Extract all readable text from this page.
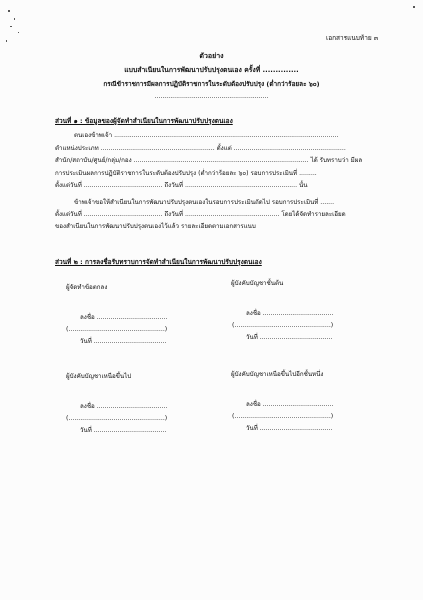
เอกสารแนบท้าย ๓
ตัวอย่าง
แบบสำเนียนในการพัฒนาปรับปรุงตนเอง ครั้งที่ ..............
กรณีข้าราชการมีผลการปฏิบัติราชการในระดับต้องปรับปรุง (ต่ำกว่าร้อยละ ๖๐)
..........................................................
ส่วนที่ ๑ : ข้อมูลของผู้จัดทำสำเนียนในการพัฒนาปรับปรุงตนเอง
ตนเองข้าพเจ้า ..................................................................................................................
ตำแหน่งประเภท .......................................................... ตั้งแต่ .........................................................
สำนัก/สถาบัน/ศูนย์/กลุ่ม/กอง ......................................................................................... ได้ รับทราบว่า มีผล
การประเมินผลการปฏิบัติราชการในระดับต้องปรับปรุง (ต่ำกว่าร้อยละ ๖๐) รอบการประเมินที่ .........
ตั้งแต่วันที่ ........................................ ถึงวันที่ ......................................................... นั้น
ข้าพเจ้าขอให้สำเนียนในการพัฒนาปรับปรุงตนเองในรอบการประเมินถัดไป รอบการประเมินที่ .......
ตั้งแต่วันที่ ........................................ ถึงวันที่ ................................................ โดยได้จัดทำรายละเอียด
ของสำเนียนในการพัฒนาปรับปรุงตนเองไว้แล้ว รายละเอียดตามเอกสารแนบ
ส่วนที่ ๒ : การลงชื่อรับทราบการจัดทำสำเนียนในการพัฒนาปรับปรุงตนเอง
ผู้จัดทำข้อตกลง
ลงชื่อ ....................................
(.................................................)
วันที่ .....................................
ผู้บังคับบัญชาชั้นต้น
ลงชื่อ ....................................
(.................................................)
วันที่ .....................................
ผู้บังคับบัญชาเหนือขึ้นไป
ลงชื่อ ....................................
(.................................................)
วันที่ .....................................
ผู้บังคับบัญชาเหนือขึ้นไปอีกชั้นหนึ่ง
ลงชื่อ ....................................
(.................................................)
วันที่ .....................................
